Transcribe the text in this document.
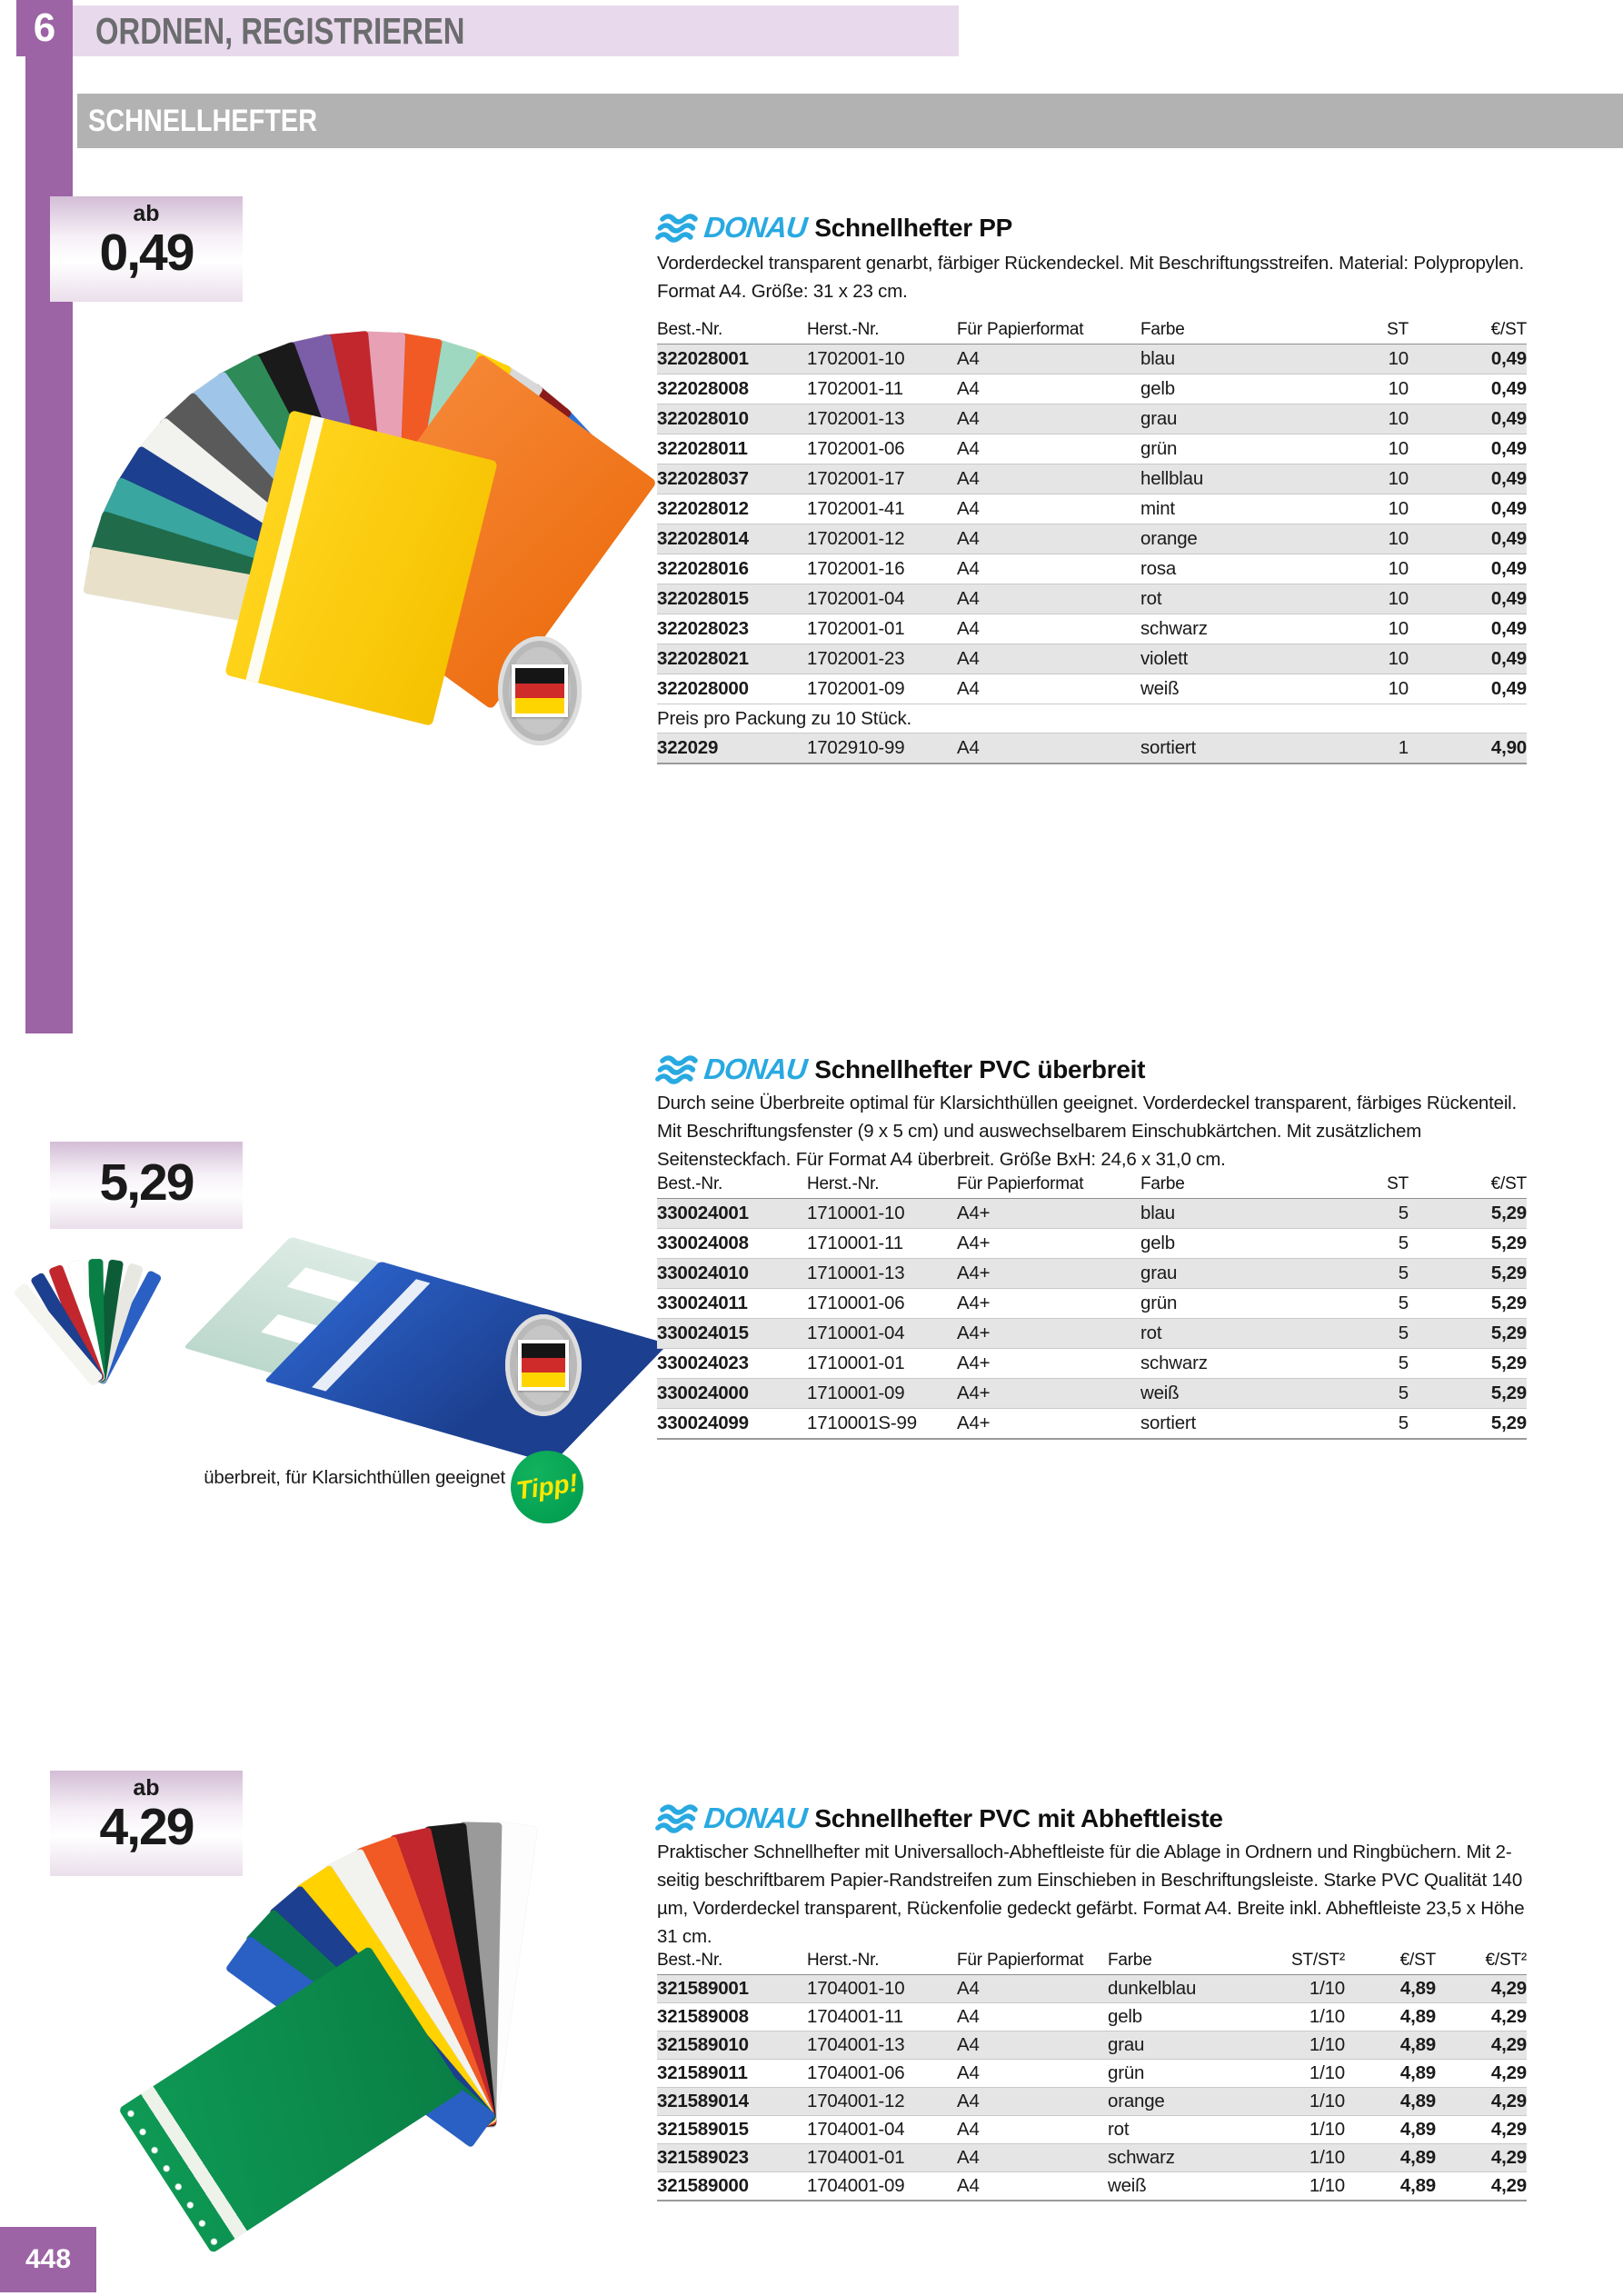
ORDNEN, REGISTRIEREN
6
SCHNELLHEFTER
ab
0,49	DONAU Schnellhefter PP
Vorderdeckel transparent genarbt, färbiger Rückendeckel. Mit Beschriftungsstreifen. Material: Polypropylen. Format A4. Größe: 31 x 23 cm.
Best.-Nr.	Herst.-Nr.	Für Papierformat	Farbe	ST	€/ST
322028001	1702001-10	A4	blau	10	0,49
322028008	1702001-11	A4	gelb	10	0,49
322028010	1702001-13	A4	grau	10	0,49
322028011	1702001-06	A4	grün	10	0,49
322028037	1702001-17	A4	hellblau	10	0,49
322028012	1702001-41	A4	mint	10	0,49
322028014	1702001-12	A4	orange	10	0,49
322028016	1702001-16	A4	rosa	10	0,49
322028015	1702001-04	A4	rot	10	0,49
322028023	1702001-01	A4	schwarz	10	0,49
322028021	1702001-23	A4	violett	10	0,49
322028000	1702001-09	A4	weiß	10	0,49
Preis pro Packung zu 10 Stück.					
322029	1702910-99	A4	sortiert	1	4,90
5,29
DONAU Schnellhefter PVC überbreit
Durch seine Überbreite optimal für Klarsichthüllen geeignet. Vorderdeckel transparent, färbiges Rückenteil. Mit Beschriftungsfenster (9 x 5 cm) und auswechselbarem Einschubkärtchen. Mit zusätzlichem Seitensteckfach. Für Format A4 überbreit. Größe BxH: 24,6 x 31,0 cm.
Best.-Nr.	Herst.-Nr.	Für Papierformat	Farbe	ST	€/ST
330024001	1710001-10	A4+	blau	5	5,29
330024008	1710001-11	A4+	gelb	5	5,29
330024010	1710001-13	A4+	grau	5	5,29
330024011	1710001-06	A4+	grün	5	5,29
330024015	1710001-04	A4+	rot	5	5,29
330024023	1710001-01	A4+	schwarz	5	5,29
330024000	1710001-09	A4+	weiß	5	5,29
330024099	1710001S-99	A4+	sortiert	5	5,29
überbreit, für Klarsichthüllen geeignet Tipp!
ab
4,29	DONAU Schnellhefter PVC mit Abheftleiste
Praktischer Schnellhefter mit Universalloch-Abheftleiste für die Ablage in Ordnern und Ringbüchern. Mit 2-seitig beschriftbarem Papier-Randstreifen zum Einschieben in Beschriftungsleiste. Starke PVC Qualität 140 µm, Vorderdeckel transparent, Rückenfolie gedeckt gefärbt. Format A4. Breite inkl. Abheftleiste 23,5 x Höhe 31 cm.
Best.-Nr.	Herst.-Nr.	Für Papierformat	Farbe	ST/ST²	€/ST	€/ST²
321589001	1704001-10	A4	dunkelblau	1/10	4,89	4,29
321589008	1704001-11	A4	gelb	1/10	4,89	4,29
321589010	1704001-13	A4	grau	1/10	4,89	4,29
321589011	1704001-06	A4	grün	1/10	4,89	4,29
321589014	1704001-12	A4	orange	1/10	4,89	4,29
321589015	1704001-04	A4	rot	1/10	4,89	4,29
321589023	1704001-01	A4	schwarz	1/10	4,89	4,29
321589000	1704001-09	A4	weiß	1/10	4,89	4,29
448
